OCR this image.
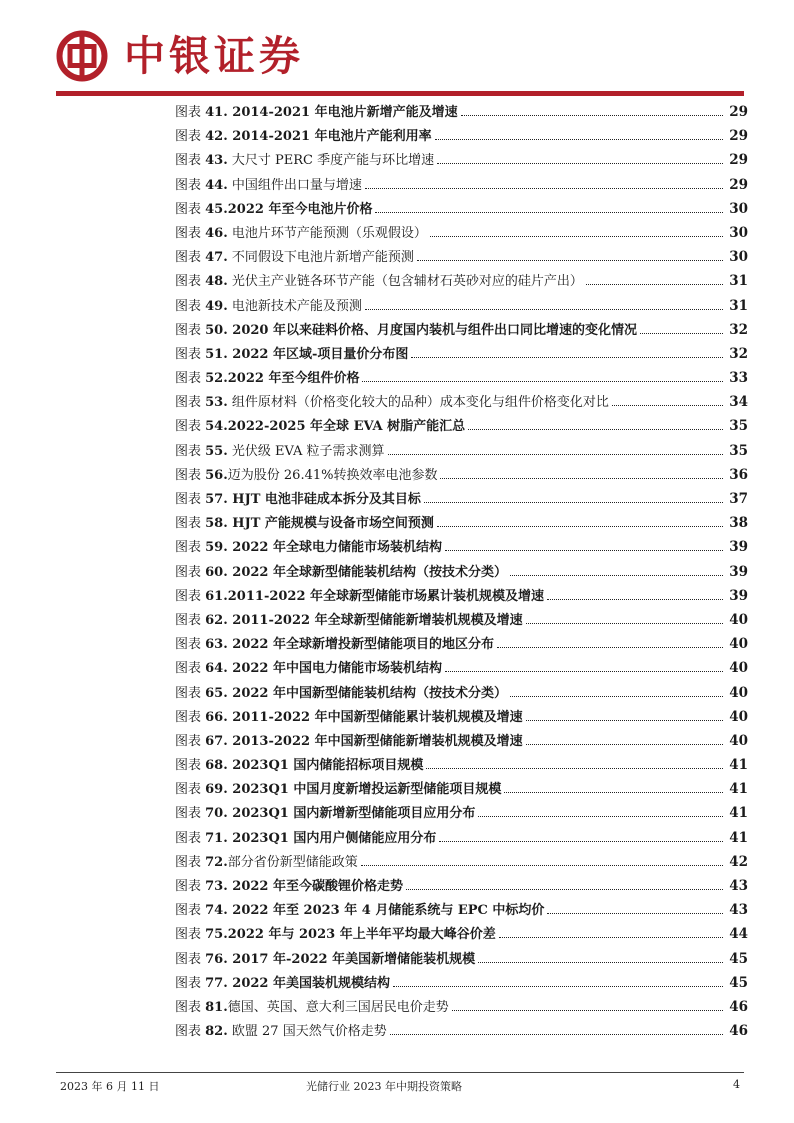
中银证券
图表 41. 2014-2021 年电池片新增产能及增速	29
图表 42. 2014-2021 年电池片产能利用率	29
图表 43. 大尺寸 PERC 季度产能与环比增速	29
图表 44. 中国组件出口量与增速	29
图表 45.2022 年至今电池片价格	30
图表 46. 电池片环节产能预测（乐观假设）	30
图表 47. 不同假设下电池片新增产能预测	30
图表 48. 光伏主产业链各环节产能（包含辅材石英砂对应的硅片产出）	31
图表 49. 电池新技术产能及预测	31
图表 50. 2020 年以来硅料价格、月度国内装机与组件出口同比增速的变化情况	32
图表 51. 2022 年区域-项目量价分布图	32
图表 52.2022 年至今组件价格	33
图表 53. 组件原材料（价格变化较大的品种）成本变化与组件价格变化对比	34
图表 54.2022-2025 年全球 EVA 树脂产能汇总	35
图表 55. 光伏级 EVA 粒子需求测算	35
图表 56.迈为股份 26.41%转换效率电池参数	36
图表 57. HJT 电池非硅成本拆分及其目标	37
图表 58. HJT 产能规模与设备市场空间预测	38
图表 59. 2022 年全球电力储能市场装机结构	39
图表 60. 2022 年全球新型储能装机结构（按技术分类）	39
图表 61.2011-2022 年全球新型储能市场累计装机规模及增速	39
图表 62. 2011-2022 年全球新型储能新增装机规模及增速	40
图表 63. 2022 年全球新增投新型储能项目的地区分布	40
图表 64. 2022 年中国电力储能市场装机结构	40
图表 65. 2022 年中国新型储能装机结构（按技术分类）	40
图表 66. 2011-2022 年中国新型储能累计装机规模及增速	40
图表 67. 2013-2022 年中国新型储能新增装机规模及增速	40
图表 68. 2023Q1 国内储能招标项目规模	41
图表 69. 2023Q1 中国月度新增投运新型储能项目规模	41
图表 70. 2023Q1 国内新增新型储能项目应用分布	41
图表 71. 2023Q1 国内用户侧储能应用分布	41
图表 72.部分省份新型储能政策	42
图表 73. 2022 年至今碳酸锂价格走势	43
图表 74. 2022 年至 2023 年 4 月储能系统与 EPC 中标均价	43
图表 75.2022 年与 2023 年上半年平均最大峰谷价差	44
图表 76. 2017 年-2022 年美国新增储能装机规模	45
图表 77. 2022 年美国装机规模结构	45
图表 81.德国、英国、意大利三国居民电价走势	46
图表 82. 欧盟 27 国天然气价格走势	46
2023 年 6 月 11 日	光储行业 2023 年中期投资策略	4
